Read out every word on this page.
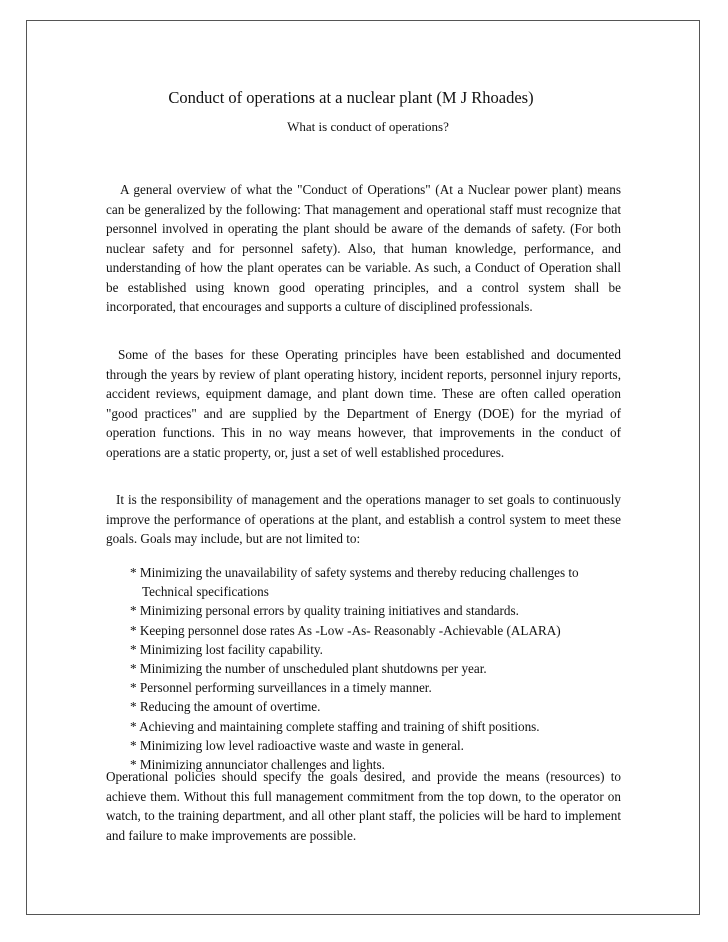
Conduct of operations at a nuclear plant (M J Rhoades)
What is conduct of operations?

A general overview of what the "Conduct of Operations" (At a Nuclear power plant) means can be generalized by the following: That management and operational staff must recognize that personnel involved in operating the plant should be aware of the demands of safety. (For both nuclear safety and for personnel safety). Also, that human knowledge, performance, and understanding of how the plant operates can be variable. As such, a Conduct of Operation shall be established using known good operating principles, and a control system shall be incorporated, that encourages and supports a culture of disciplined professionals.

Some of the bases for these Operating principles have been established and documented through the years by review of plant operating history, incident reports, personnel injury reports, accident reviews, equipment damage, and plant down time. These are often called operation "good practices" and are supplied by the Department of Energy (DOE) for the myriad of operation functions. This in no way means however, that improvements in the conduct of operations are a static property, or, just a set of well established procedures.

It is the responsibility of management and the operations manager to set goals to continuously improve the performance of operations at the plant, and establish a control system to meet these goals. Goals may include, but are not limited to:

* Minimizing the unavailability of safety systems and thereby reducing challenges to Technical specifications
* Minimizing personal errors by quality training initiatives and standards.
* Keeping personnel dose rates As -Low -As- Reasonably -Achievable (ALARA)
* Minimizing lost facility capability.
* Minimizing the number of unscheduled plant shutdowns per year.
* Personnel performing surveillances in a timely manner.
* Reducing the amount of overtime.
* Achieving and maintaining complete staffing and training of shift positions.
* Minimizing low level radioactive waste and waste in general.
* Minimizing annunciator challenges and lights.

Operational policies should specify the goals desired, and provide the means (resources) to achieve them. Without this full management commitment from the top down, to the operator on watch, to the training department, and all other plant staff, the policies will be hard to implement and failure to make improvements are possible.
